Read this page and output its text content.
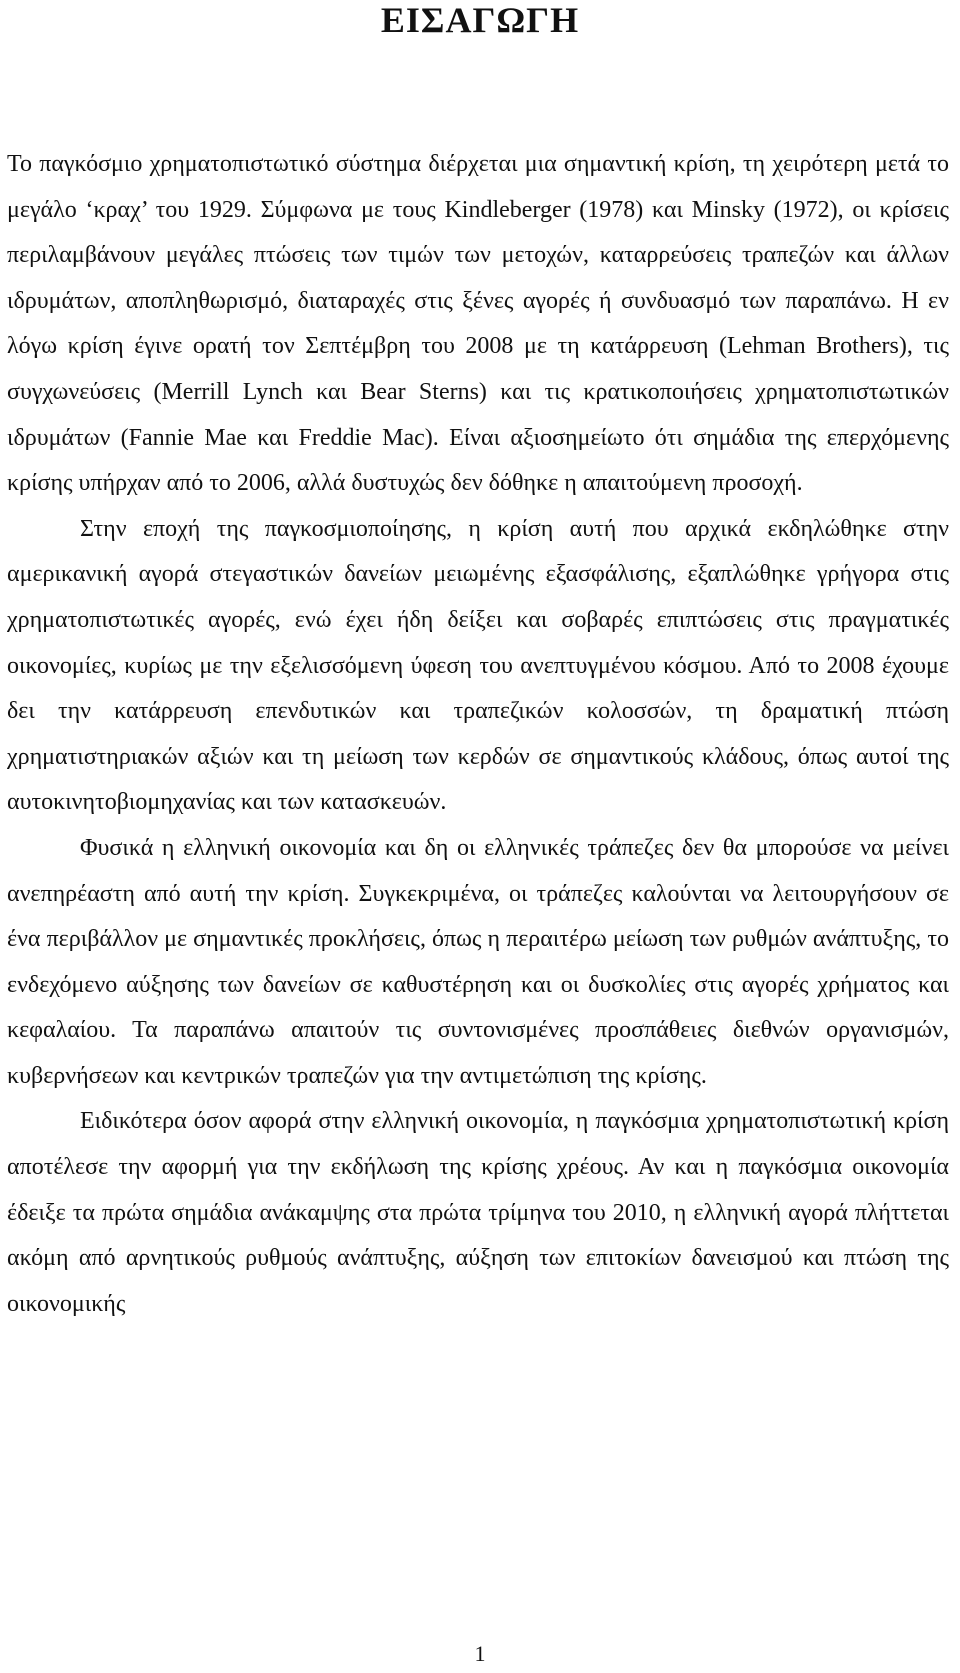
ΕΙΣΑΓΩΓΗ

Το παγκόσμιο χρηματοπιστωτικό σύστημα διέρχεται μια σημαντική κρίση, τη χειρότερη μετά το μεγάλο ‘κραχ’ του 1929. Σύμφωνα με τους Kindleberger (1978) και Minsky (1972), οι κρίσεις περιλαμβάνουν μεγάλες πτώσεις των τιμών των μετοχών, καταρρεύσεις τραπεζών και άλλων ιδρυμάτων, αποπληθωρισμό, διαταραχές στις ξένες αγορές ή συνδυασμό των παραπάνω. Η εν λόγω κρίση έγινε ορατή τον Σεπτέμβρη του 2008 με τη κατάρρευση (Lehman Brothers), τις συγχωνεύσεις (Merrill Lynch και Bear Sterns) και τις κρατικοποιήσεις χρηματοπιστωτικών ιδρυμάτων (Fannie Mae και Freddie Mac). Είναι αξιοσημείωτο ότι σημάδια της επερχόμενης κρίσης υπήρχαν από το 2006, αλλά δυστυχώς δεν δόθηκε η απαιτούμενη προσοχή.

Στην εποχή της παγκοσμιοποίησης, η κρίση αυτή που αρχικά εκδηλώθηκε στην αμερικανική αγορά στεγαστικών δανείων μειωμένης εξασφάλισης, εξαπλώθηκε γρήγορα στις χρηματοπιστωτικές αγορές, ενώ έχει ήδη δείξει και σοβαρές επιπτώσεις στις πραγματικές οικονομίες, κυρίως με την εξελισσόμενη ύφεση του ανεπτυγμένου κόσμου. Από το 2008 έχουμε δει την κατάρρευση επενδυτικών και τραπεζικών κολοσσών, τη δραματική πτώση χρηματιστηριακών αξιών και τη μείωση των κερδών σε σημαντικούς κλάδους, όπως αυτοί της αυτοκινητοβιομηχανίας και των κατασκευών.

Φυσικά η ελληνική οικονομία και δη οι ελληνικές τράπεζες δεν θα μπορούσε να μείνει ανεπηρέαστη από αυτή την κρίση. Συγκεκριμένα, οι τράπεζες καλούνται να λειτουργήσουν σε ένα περιβάλλον με σημαντικές προκλήσεις, όπως η περαιτέρω μείωση των ρυθμών ανάπτυξης, το ενδεχόμενο αύξησης των δανείων σε καθυστέρηση και οι δυσκολίες στις αγορές χρήματος και κεφαλαίου. Τα παραπάνω απαιτούν τις συντονισμένες προσπάθειες διεθνών οργανισμών, κυβερνήσεων και κεντρικών τραπεζών για την αντιμετώπιση της κρίσης.

Ειδικότερα όσον αφορά στην ελληνική οικονομία, η παγκόσμια χρηματοπιστωτική κρίση αποτέλεσε την αφορμή για την εκδήλωση της κρίσης χρέους. Αν και η παγκόσμια οικονομία έδειξε τα πρώτα σημάδια ανάκαμψης στα πρώτα τρίμηνα του 2010, η ελληνική αγορά πλήττεται ακόμη από αρνητικούς ρυθμούς ανάπτυξης, αύξηση των επιτοκίων δανεισμού και πτώση της οικονομικής

1
